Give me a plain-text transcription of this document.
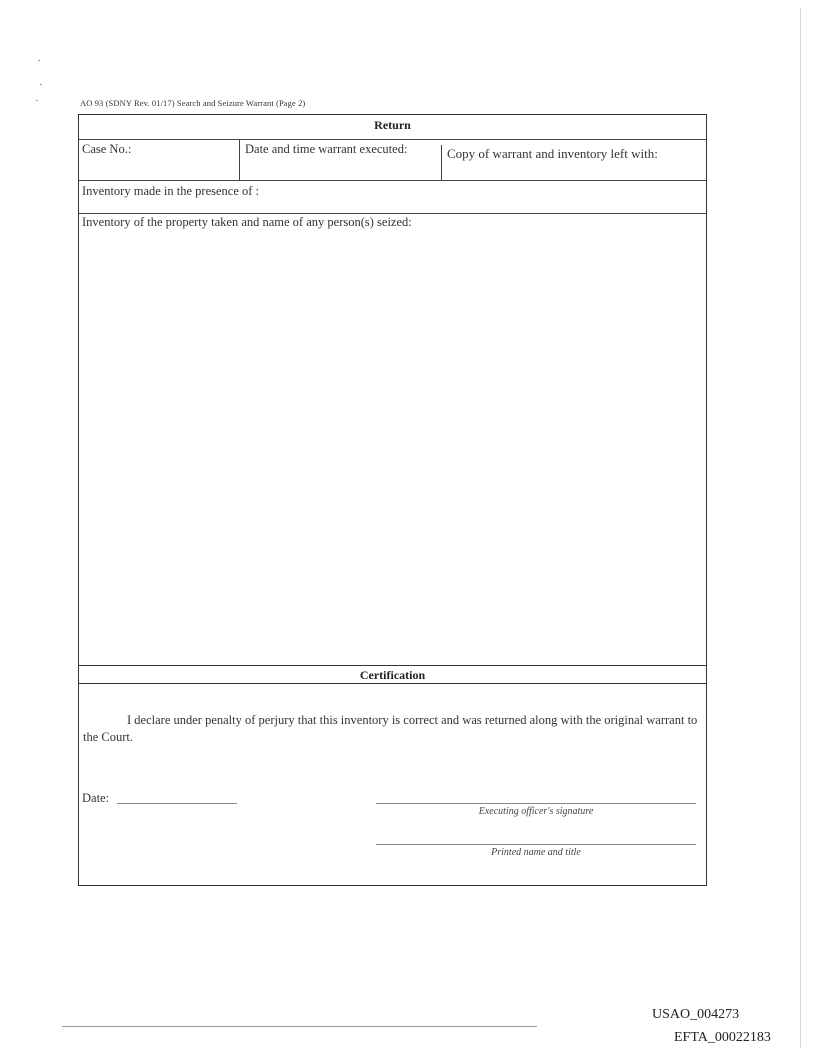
AO 93 (SDNY Rev. 01/17) Search and Seizure Warrant (Page 2)
Return
Case No.:	Date and time warrant executed:	Copy of warrant and inventory left with:
Inventory made in the presence of :
Inventory of the property taken and name of any person(s) seized:
Certification
I declare under penalty of perjury that this inventory is correct and was returned along with the original warrant to the Court.
Date:
Executing officer's signature
Printed name and title
USAO_004273
EFTA_00022183
